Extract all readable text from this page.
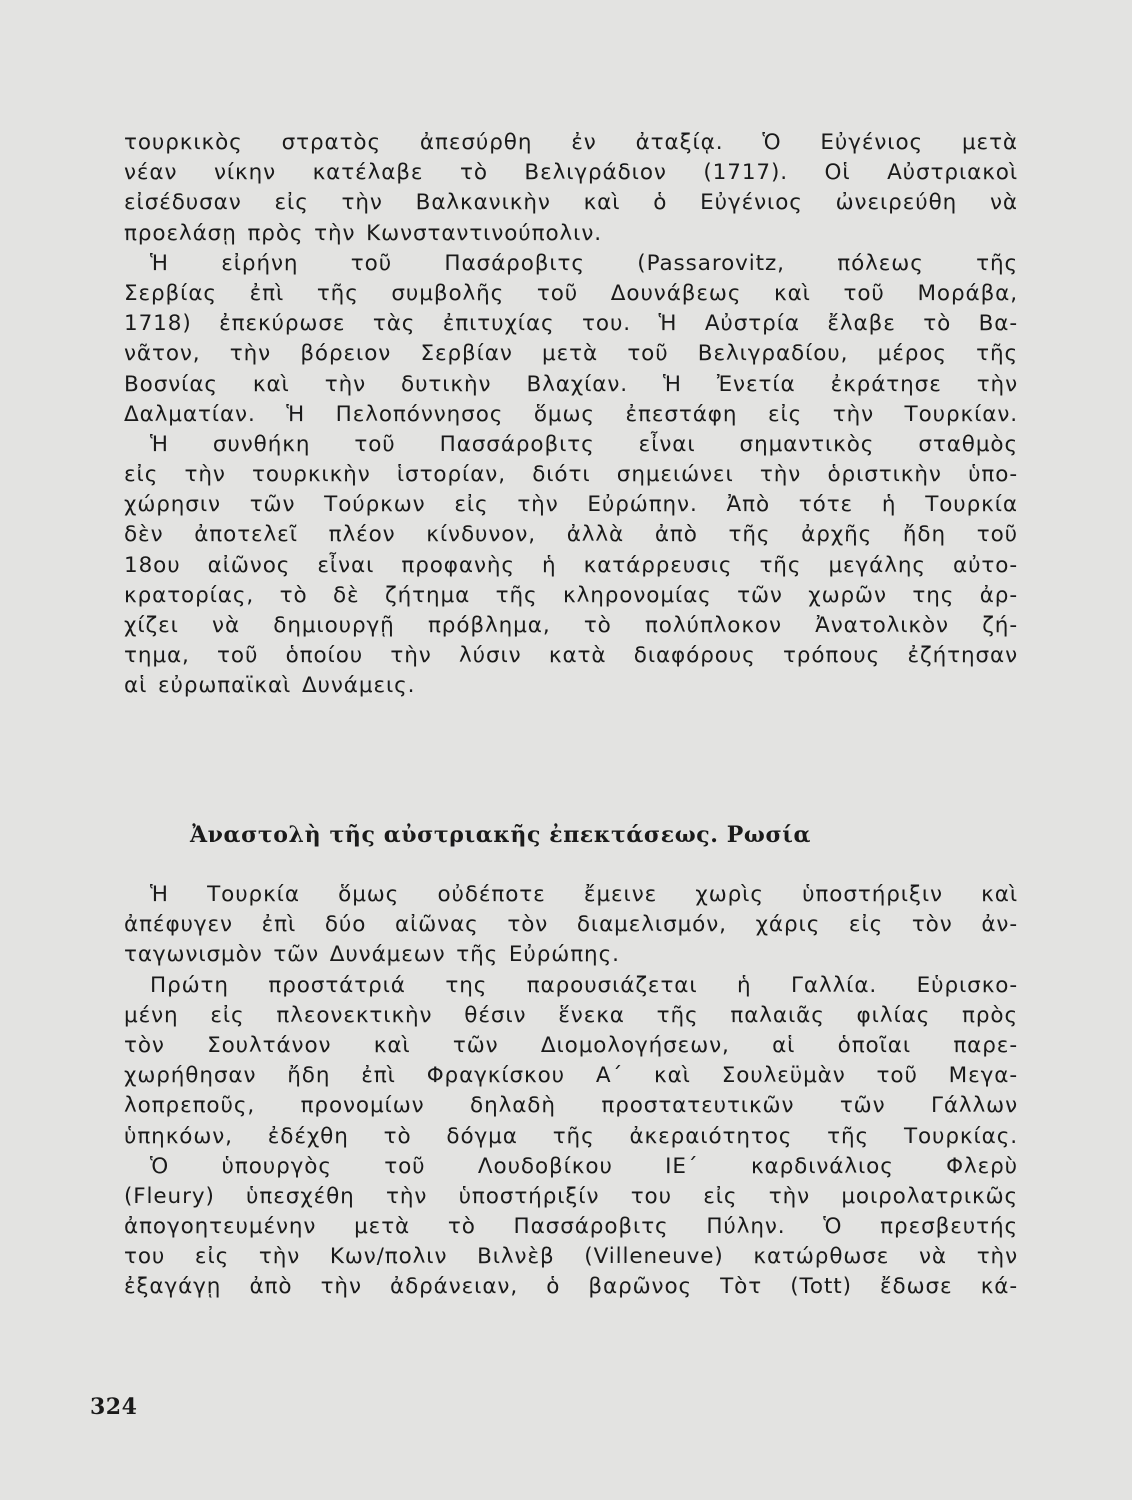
τουρκικὸς στρατὸς ἀπεσύρθη ἐν ἀταξίᾳ. Ὁ Εὐγένιος μετὰ
νέαν νίκην κατέλαβε τὸ Βελιγράδιον (1717). Οἱ Αὐστριακοὶ
εἰσέδυσαν εἰς τὴν Βαλκανικὴν καὶ ὁ Εὐγένιος ὠνειρεύθη νὰ
προελάσῃ πρὸς τὴν Κωνσταντινούπολιν.
Ἡ εἰρήνη τοῦ Πασάροβιτς (Passarovitz, πόλεως τῆς
Σερβίας ἐπὶ τῆς συμβολῆς τοῦ Δουνάβεως καὶ τοῦ Μοράβα,
1718) ἐπεκύρωσε τὰς ἐπιτυχίας του. Ἡ Αὐστρία ἔλαβε τὸ Βα-
νᾶτον, τὴν βόρειον Σερβίαν μετὰ τοῦ Βελιγραδίου, μέρος τῆς
Βοσνίας καὶ τὴν δυτικὴν Βλαχίαν. Ἡ Ἐνετία ἐκράτησε τὴν
Δαλματίαν. Ἡ Πελοπόννησος ὅμως ἐπεστάφη εἰς τὴν Τουρκίαν.
Ἡ συνθήκη τοῦ Πασσάροβιτς εἶναι σημαντικὸς σταθμὸς
εἰς τὴν τουρκικὴν ἱστορίαν, διότι σημειώνει τὴν ὁριστικὴν ὑπο-
χώρησιν τῶν Τούρκων εἰς τὴν Εὐρώπην. Ἀπὸ τότε ἡ Τουρκία
δὲν ἀποτελεῖ πλέον κίνδυνον, ἀλλὰ ἀπὸ τῆς ἀρχῆς ἤδη τοῦ
18ου αἰῶνος εἶναι προφανὴς ἡ κατάρρευσις τῆς μεγάλης αὐτο-
κρατορίας, τὸ δὲ ζήτημα τῆς κληρονομίας τῶν χωρῶν της ἀρ-
χίζει νὰ δημιουργῇ πρόβλημα, τὸ πολύπλοκον Ἀνατολικὸν ζή-
τημα, τοῦ ὁποίου τὴν λύσιν κατὰ διαφόρους τρόπους ἐζήτησαν
αἱ εὐρωπαϊκαὶ Δυνάμεις.
Ἀναστολὴ τῆς αὐστριακῆς ἐπεκτάσεως. Ρωσία
Ἡ Τουρκία ὅμως οὐδέποτε ἔμεινε χωρὶς ὑποστήριξιν καὶ
ἀπέφυγεν ἐπὶ δύο αἰῶνας τὸν διαμελισμόν, χάρις εἰς τὸν ἀν-
ταγωνισμὸν τῶν Δυνάμεων τῆς Εὐρώπης.
Πρώτη προστάτριά της παρουσιάζεται ἡ Γαλλία. Εὑρισκο-
μένη εἰς πλεονεκτικὴν θέσιν ἕνεκα τῆς παλαιᾶς φιλίας πρὸς
τὸν Σουλτάνον καὶ τῶν Διομολογήσεων, αἱ ὁποῖαι παρε-
χωρήθησαν ἤδη ἐπὶ Φραγκίσκου Α΄ καὶ Σουλεϋμὰν τοῦ Μεγα-
λοπρεποῦς, προνομίων δηλαδὴ προστατευτικῶν τῶν Γάλλων
ὑπηκόων, ἐδέχθη τὸ δόγμα τῆς ἀκεραιότητος τῆς Τουρκίας.
Ὁ ὑπουργὸς τοῦ Λουδοβίκου ΙΕ΄ καρδινάλιος Φλερὺ
(Fleury) ὑπεσχέθη τὴν ὑποστήριξίν του εἰς τὴν μοιρολατρικῶς
ἀπογοητευμένην μετὰ τὸ Πασσάροβιτς Πύλην. Ὁ πρεσβευτής
του εἰς τὴν Κων/πολιν Βιλνὲβ (Villeneuve) κατώρθωσε νὰ τὴν
ἐξαγάγῃ ἀπὸ τὴν ἀδράνειαν, ὁ βαρῶνος Τὸτ (Tott) ἔδωσε κά-
324
